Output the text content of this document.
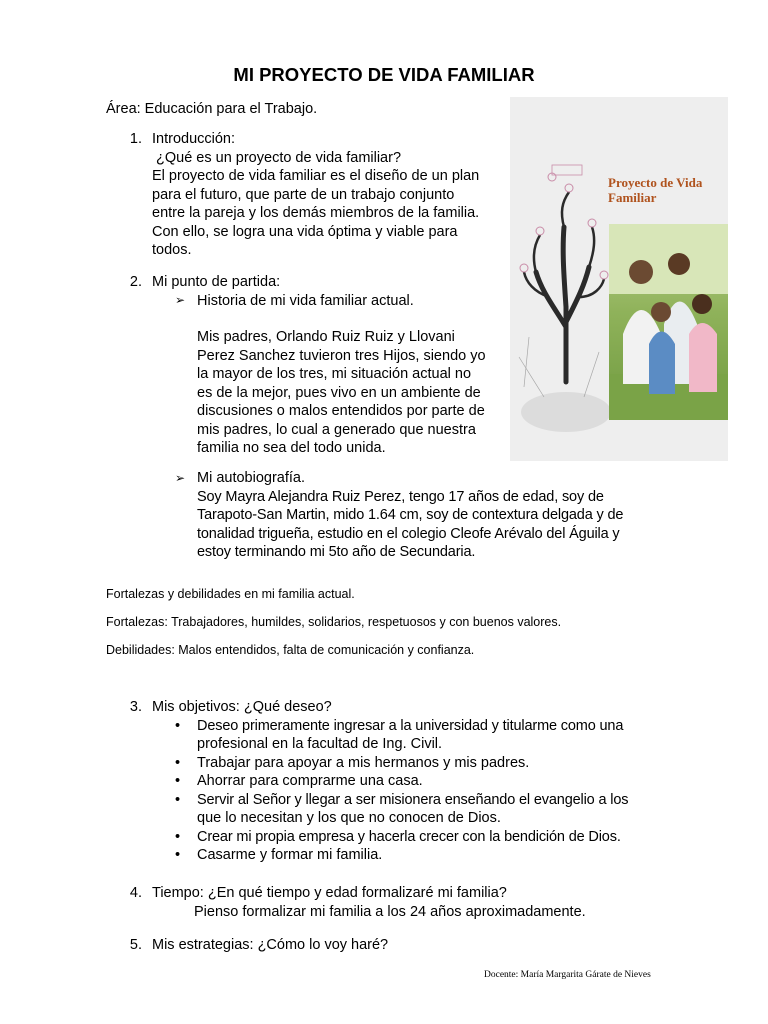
MI PROYECTO DE VIDA FAMILIAR
Área: Educación para el Trabajo.
1. Introducción:
¿Qué es un proyecto de vida familiar?
El proyecto de vida familiar es el diseño de un plan
para el futuro, que parte de un trabajo conjunto
entre la pareja y los demás miembros de la familia.
Con ello, se logra una vida óptima y viable para
todos.
2. Mi punto de partida:
➢ Historia de mi vida familiar actual.
Mis padres, Orlando Ruiz Ruiz y Llovani
Perez Sanchez tuvieron tres Hijos, siendo yo
la mayor de los tres, mi situación actual no
es de la mejor, pues vivo en un ambiente de
discusiones o malos entendidos por parte de
mis padres, lo cual a generado que nuestra
familia no sea del todo unida.
➢ Mi autobiografía.
Soy Mayra Alejandra Ruiz Perez, tengo 17 años de edad, soy de
Tarapoto-San Martin, mido 1.64 cm, soy de contextura delgada y de
tonalidad trigueña, estudio en el colegio Cleofe Arévalo del Águila y
estoy terminando mi 5to año de Secundaria.
Proyecto de Vida Familiar
Fortalezas y debilidades en mi familia actual.
Fortalezas: Trabajadores, humildes, solidarios, respetuosos y con buenos valores.
Debilidades: Malos entendidos, falta de comunicación y confianza.
3. Mis objetivos: ¿Qué deseo?
• Deseo primeramente ingresar a la universidad y titularme como una
profesional en la facultad de Ing. Civil.
• Trabajar para apoyar a mis hermanos y mis padres.
• Ahorrar para comprarme una casa.
• Servir al Señor y llegar a ser misionera enseñando el evangelio a los
que lo necesitan y los que no conocen de Dios.
• Crear mi propia empresa y hacerla crecer con la bendición de Dios.
• Casarme y formar mi familia.
4. Tiempo: ¿En qué tiempo y edad formalizaré mi familia?
Pienso formalizar mi familia a los 24 años aproximadamente.
5. Mis estrategias: ¿Cómo lo voy haré?
Docente: María Margarita Gárate de Nieves
